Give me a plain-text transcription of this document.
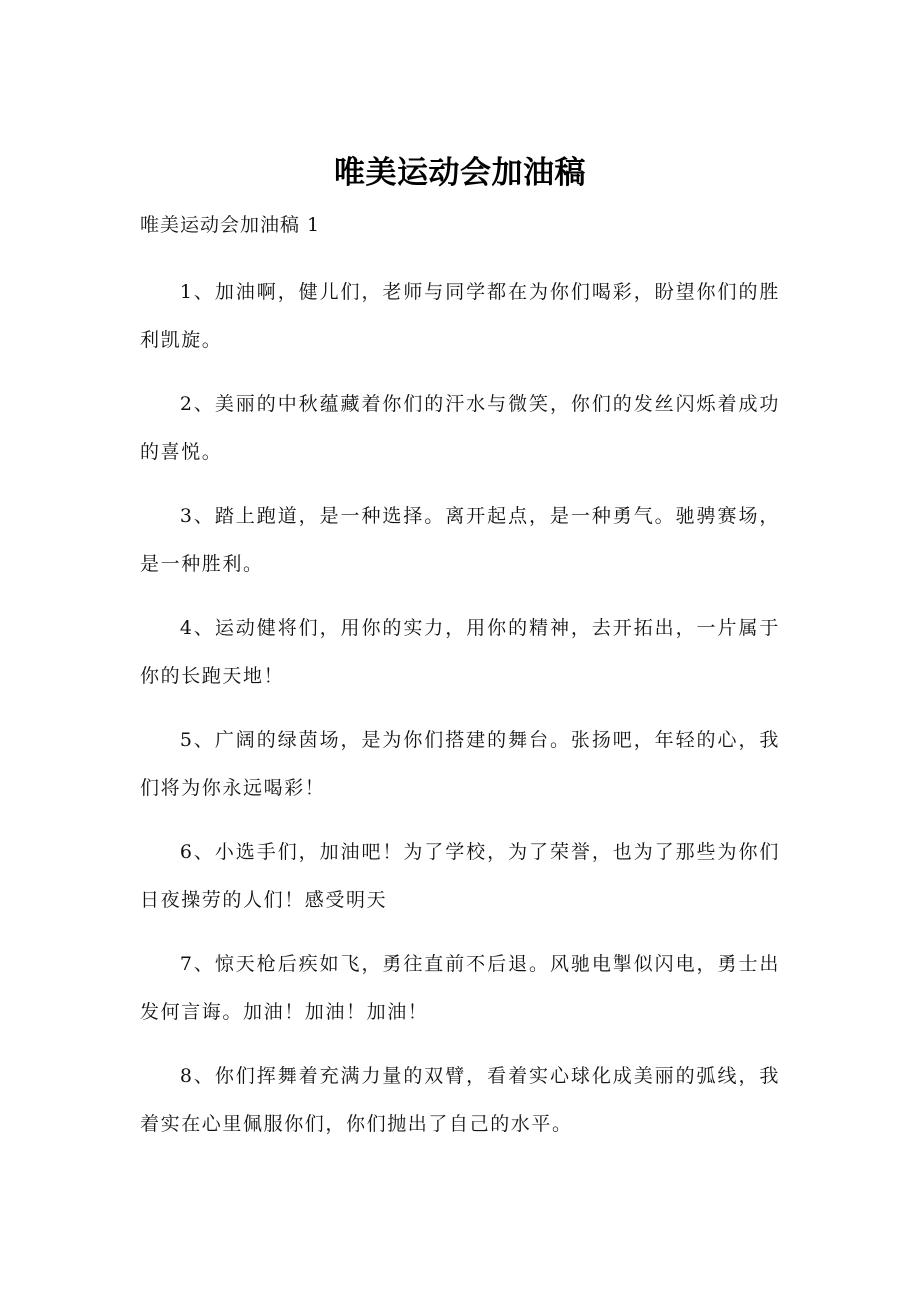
唯美运动会加油稿
唯美运动会加油稿 1

1、加油啊，健儿们，老师与同学都在为你们喝彩，盼望你们的胜利凯旋。

2、美丽的中秋蕴藏着你们的汗水与微笑，你们的发丝闪烁着成功的喜悦。

3、踏上跑道，是一种选择。离开起点，是一种勇气。驰骋赛场，是一种胜利。

4、运动健将们，用你的实力，用你的精神，去开拓出，一片属于你的长跑天地！

5、广阔的绿茵场，是为你们搭建的舞台。张扬吧，年轻的心，我们将为你永远喝彩！

6、小选手们，加油吧！为了学校，为了荣誉，也为了那些为你们日夜操劳的人们！感受明天

7、惊天枪后疾如飞，勇往直前不后退。风驰电掣似闪电，勇士出发何言诲。加油！加油！加油！

8、你们挥舞着充满力量的双臂，看着实心球化成美丽的弧线，我着实在心里佩服你们，你们抛出了自己的水平。
